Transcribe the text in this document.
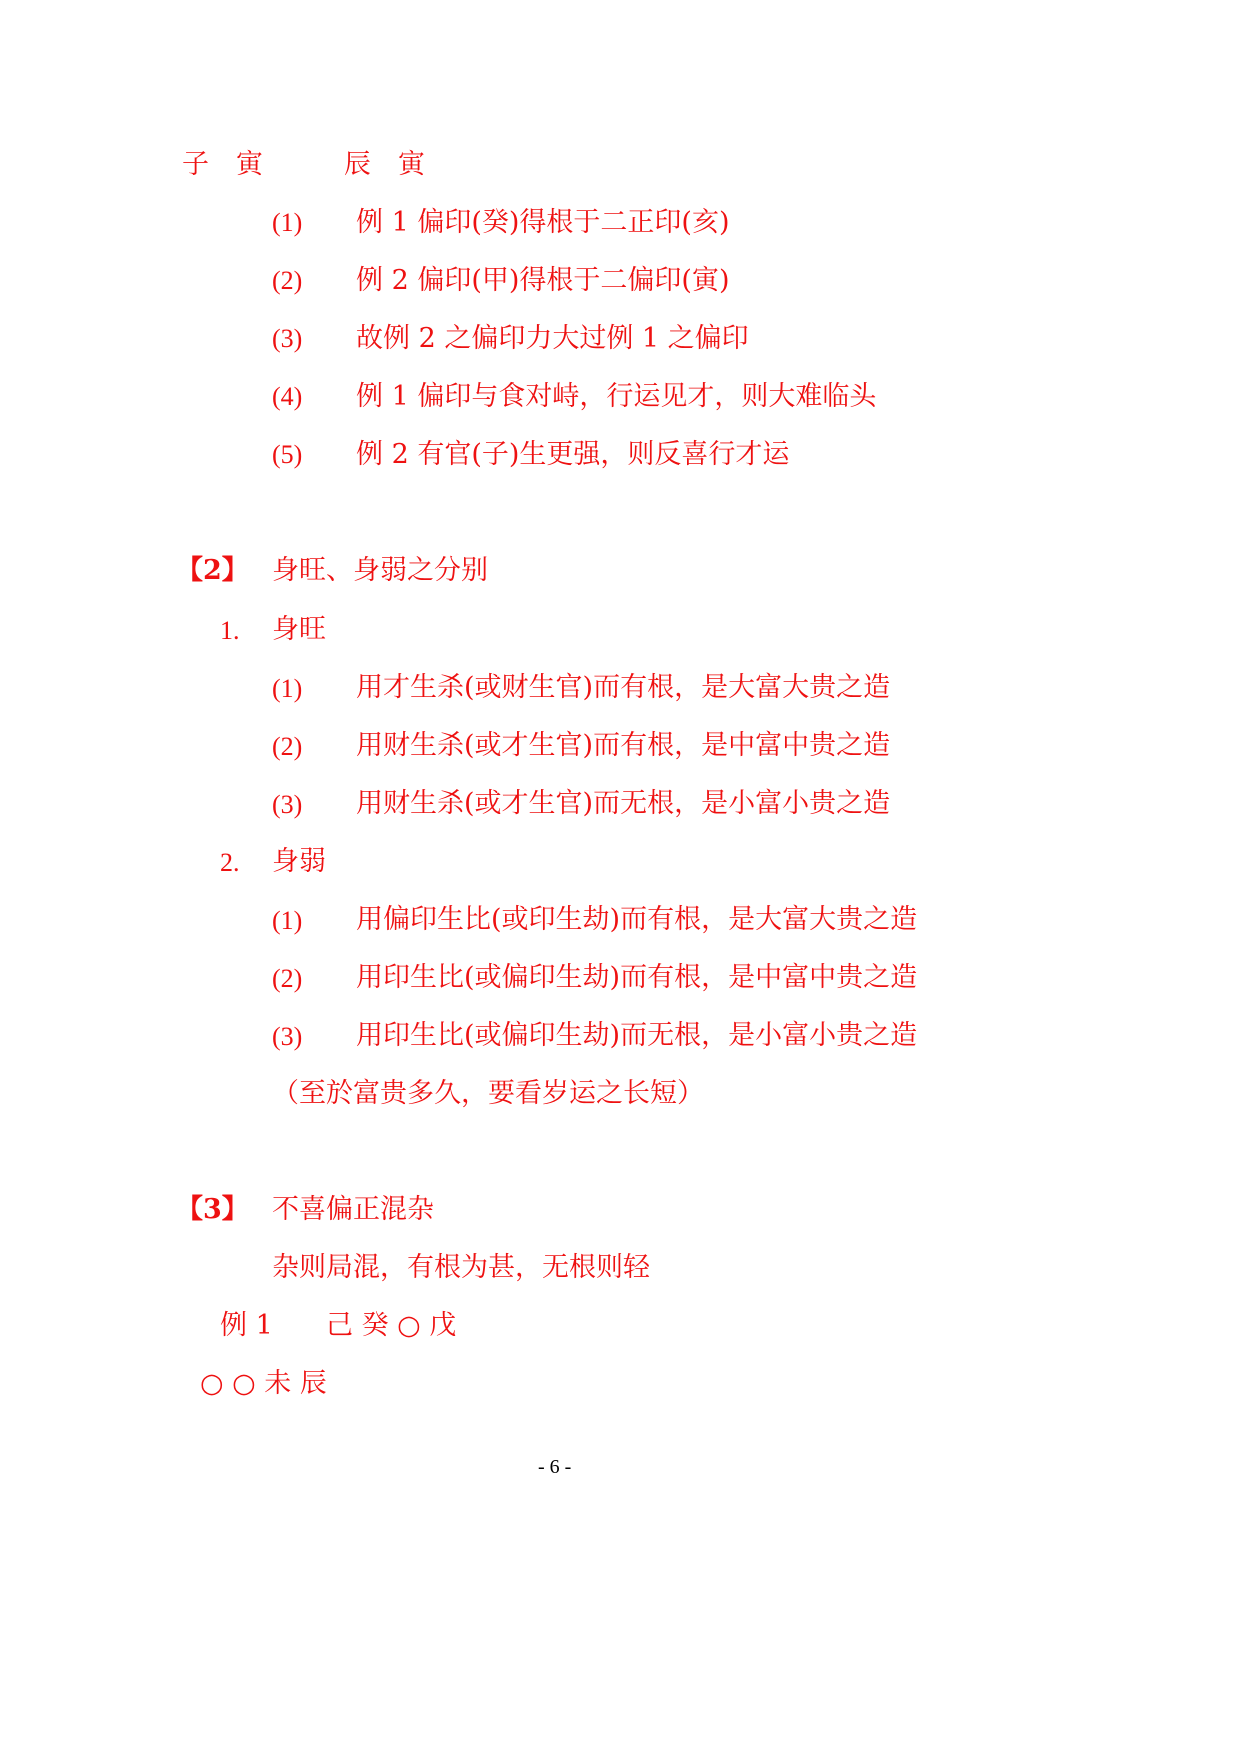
子　寅　　　辰　寅
(1) 例 1 偏印(癸)得根于二正印(亥)
(2) 例 2 偏印(甲)得根于二偏印(寅)
(3) 故例 2 之偏印力大过例 1 之偏印
(4) 例 1 偏印与食对峙，行运见才，则大难临头
(5) 例 2 有官(子)生更强，则反喜行才运
【2】 身旺、身弱之分别
1. 身旺
(1) 用才生杀(或财生官)而有根，是大富大贵之造
(2) 用财生杀(或才生官)而有根，是中富中贵之造
(3) 用财生杀(或才生官)而无根，是小富小贵之造
2. 身弱
(1) 用偏印生比(或印生劫)而有根，是大富大贵之造
(2) 用印生比(或偏印生劫)而有根，是中富中贵之造
(3) 用印生比(或偏印生劫)而无根，是小富小贵之造
（至於富贵多久，要看岁运之长短）
【3】 不喜偏正混杂
杂则局混，有根为甚，无根则轻
例 1 己 癸 ○ 戊
○ ○ 未 辰
- 6 -
